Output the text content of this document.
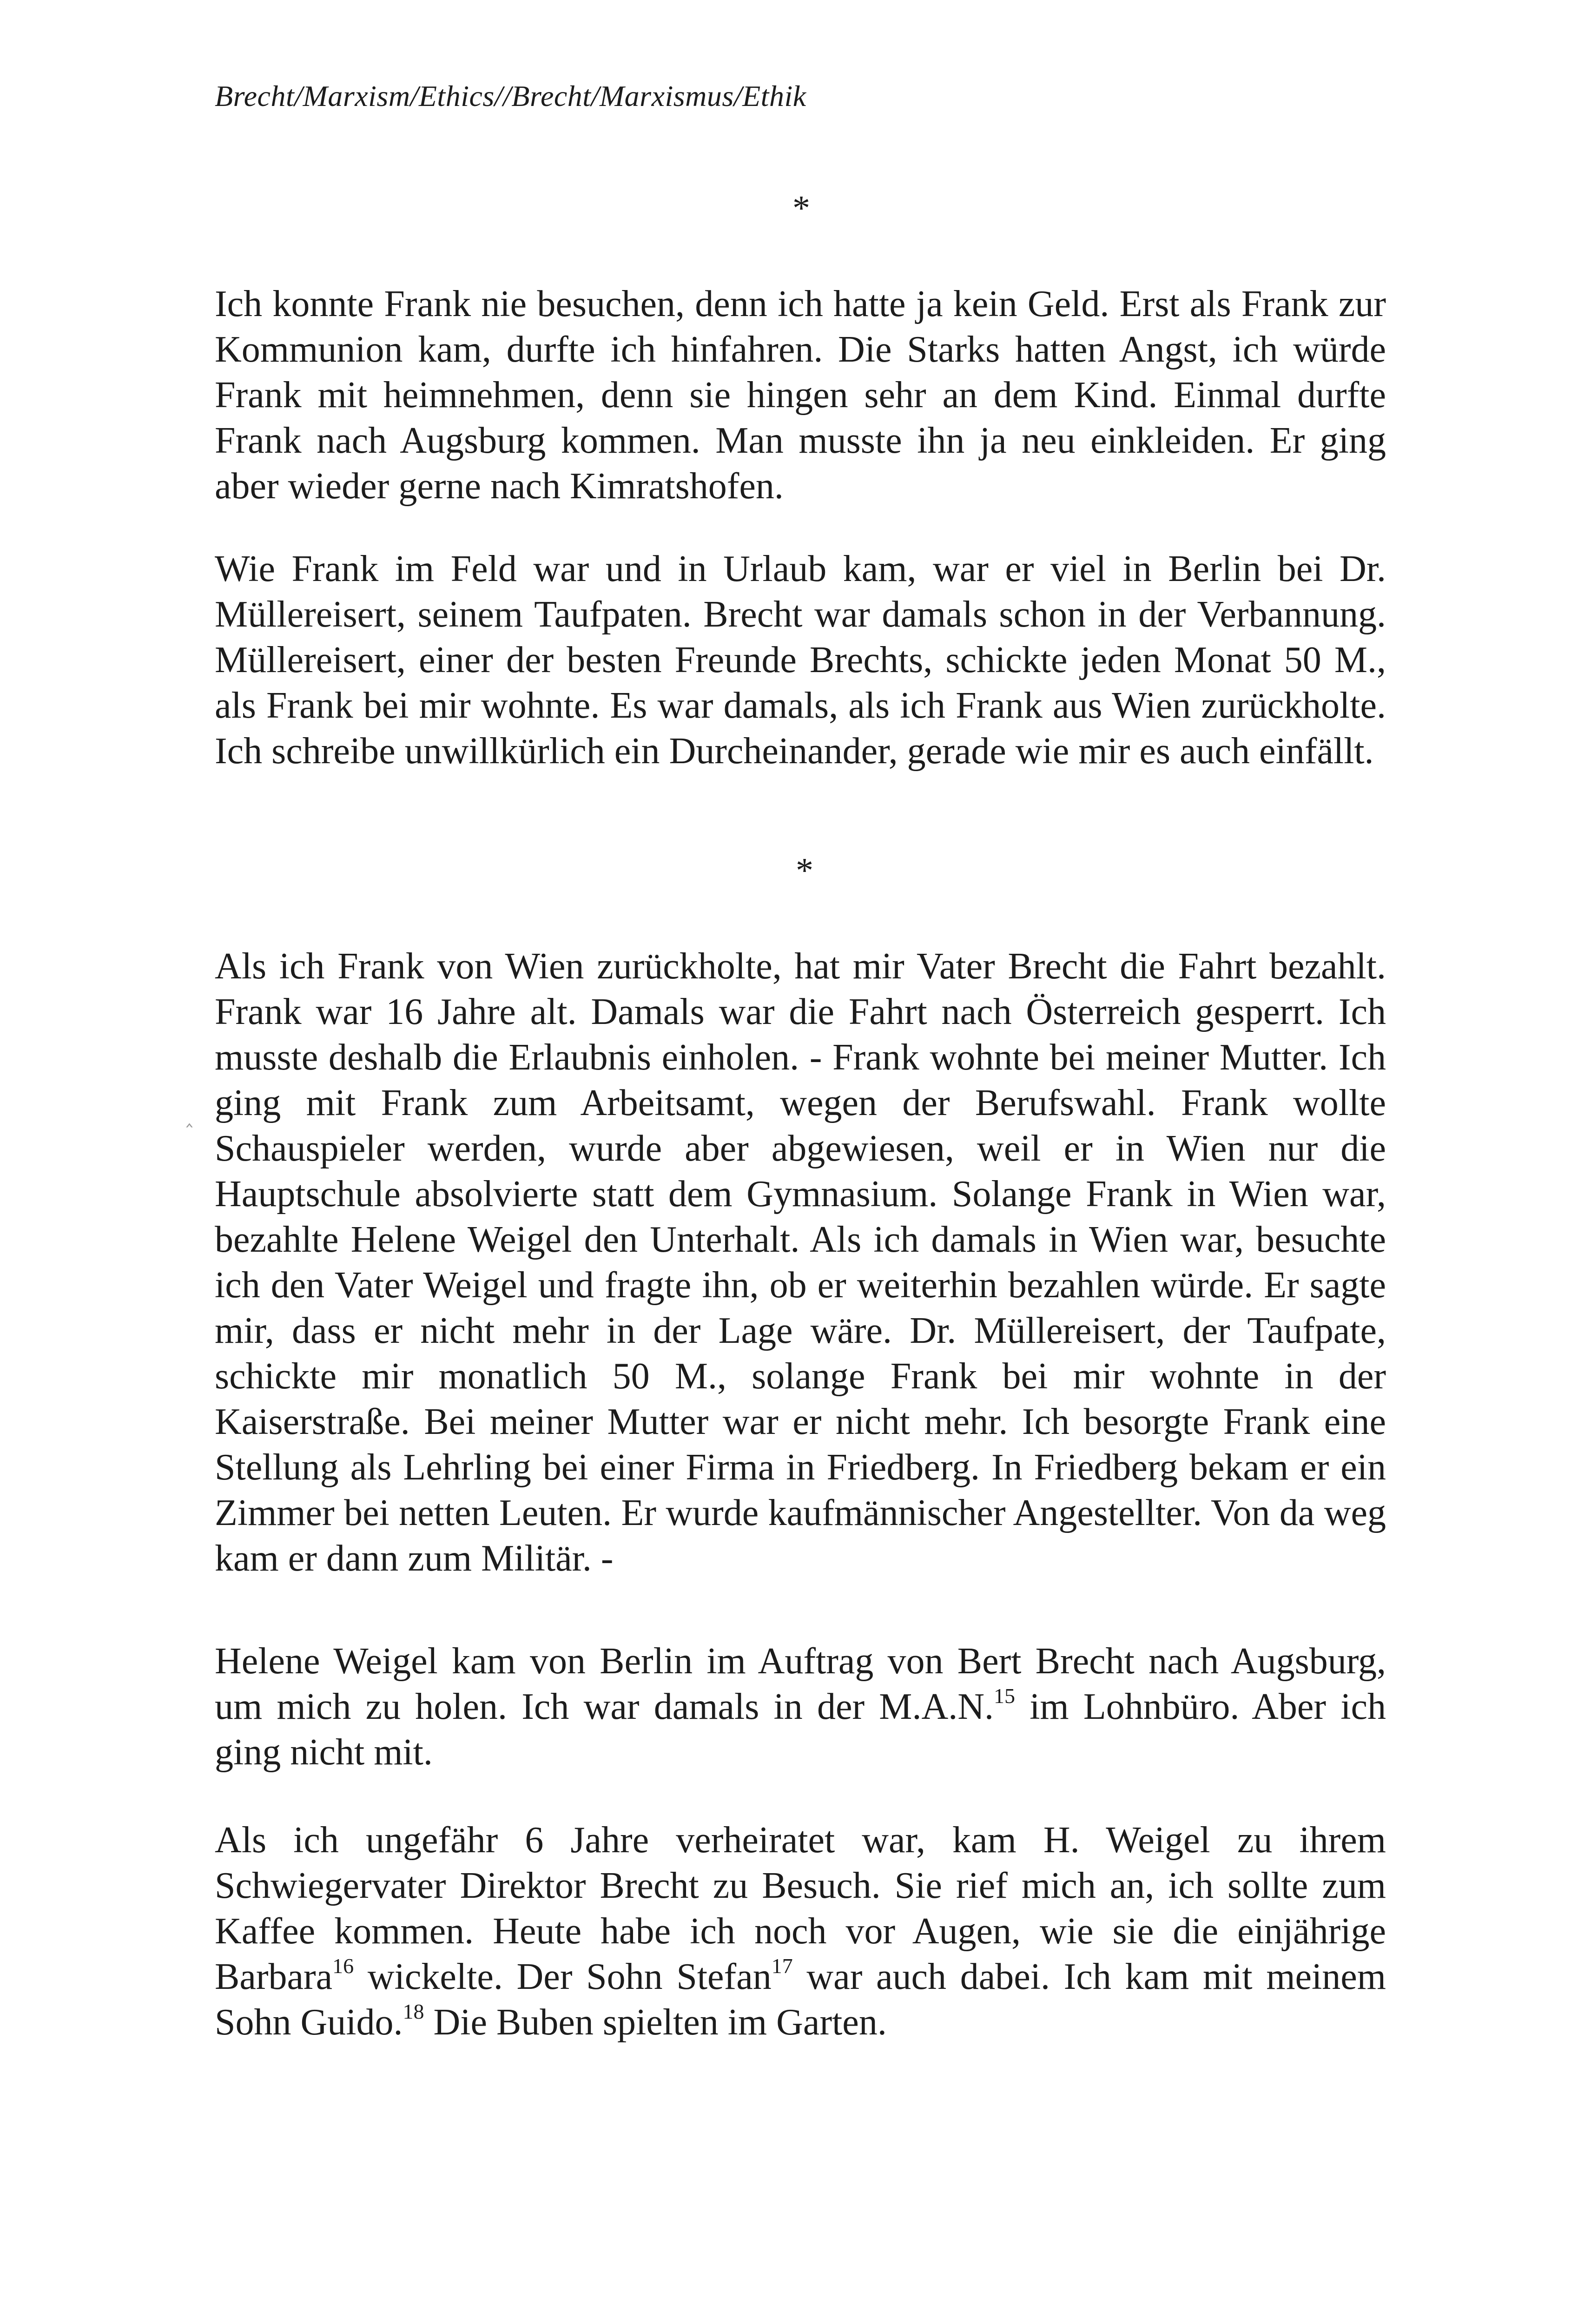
Brecht/Marxism/Ethics//Brecht/Marxismus/Ethik
*

Ich konnte Frank nie besuchen, denn ich hatte ja kein Geld. Erst als Frank zur Kommunion kam, durfte ich hinfahren. Die Starks hatten Angst, ich würde Frank mit heimnehmen, denn sie hingen sehr an dem Kind. Einmal durfte Frank nach Augsburg kommen. Man musste ihn ja neu einkleiden. Er ging aber wieder gerne nach Kimratshofen.

Wie Frank im Feld war und in Urlaub kam, war er viel in Berlin bei Dr. Müllereisert, seinem Taufpaten. Brecht war damals schon in der Verbannung. Müllereisert, einer der besten Freunde Brechts, schickte jeden Monat 50 M., als Frank bei mir wohnte. Es war damals, als ich Frank aus Wien zurückholte. Ich schreibe unwillkürlich ein Durcheinander, gerade wie mir es auch einfällt.

*

Als ich Frank von Wien zurückholte, hat mir Vater Brecht die Fahrt bezahlt. Frank war 16 Jahre alt. Damals war die Fahrt nach Österreich gesperrt. Ich musste deshalb die Erlaubnis einholen. - Frank wohnte bei meiner Mutter. Ich ging mit Frank zum Arbeitsamt, wegen der Berufswahl. Frank wollte Schauspieler werden, wurde aber abgewiesen, weil er in Wien nur die Hauptschule absolvierte statt dem Gymnasium. Solange Frank in Wien war, bezahlte Helene Weigel den Unterhalt. Als ich damals in Wien war, besuchte ich den Vater Weigel und fragte ihn, ob er weiterhin bezahlen würde. Er sagte mir, dass er nicht mehr in der Lage wäre. Dr. Müllereisert, der Taufpate, schickte mir monatlich 50 M., solange Frank bei mir wohnte in der Kaiserstraße. Bei meiner Mutter war er nicht mehr. Ich besorgte Frank eine Stellung als Lehrling bei einer Firma in Friedberg. In Friedberg bekam er ein Zimmer bei netten Leuten. Er wurde kaufmännischer Angestellter. Von da weg kam er dann zum Militär. -

‸

Helene Weigel kam von Berlin im Auftrag von Bert Brecht nach Augsburg, um mich zu holen. Ich war damals in der M.A.N.$^{15}$ im Lohnbüro. Aber ich ging nicht mit.

Als ich ungefähr 6 Jahre verheiratet war, kam H. Weigel zu ihrem Schwiegervater Direktor Brecht zu Besuch. Sie rief mich an, ich sollte zum Kaffee kommen. Heute habe ich noch vor Augen, wie sie die einjährige Barbara$^{16}$ wickelte. Der Sohn Stefan$^{17}$ war auch dabei. Ich kam mit meinem Sohn Guido.$^{18}$ Die Buben spielten im Garten.
